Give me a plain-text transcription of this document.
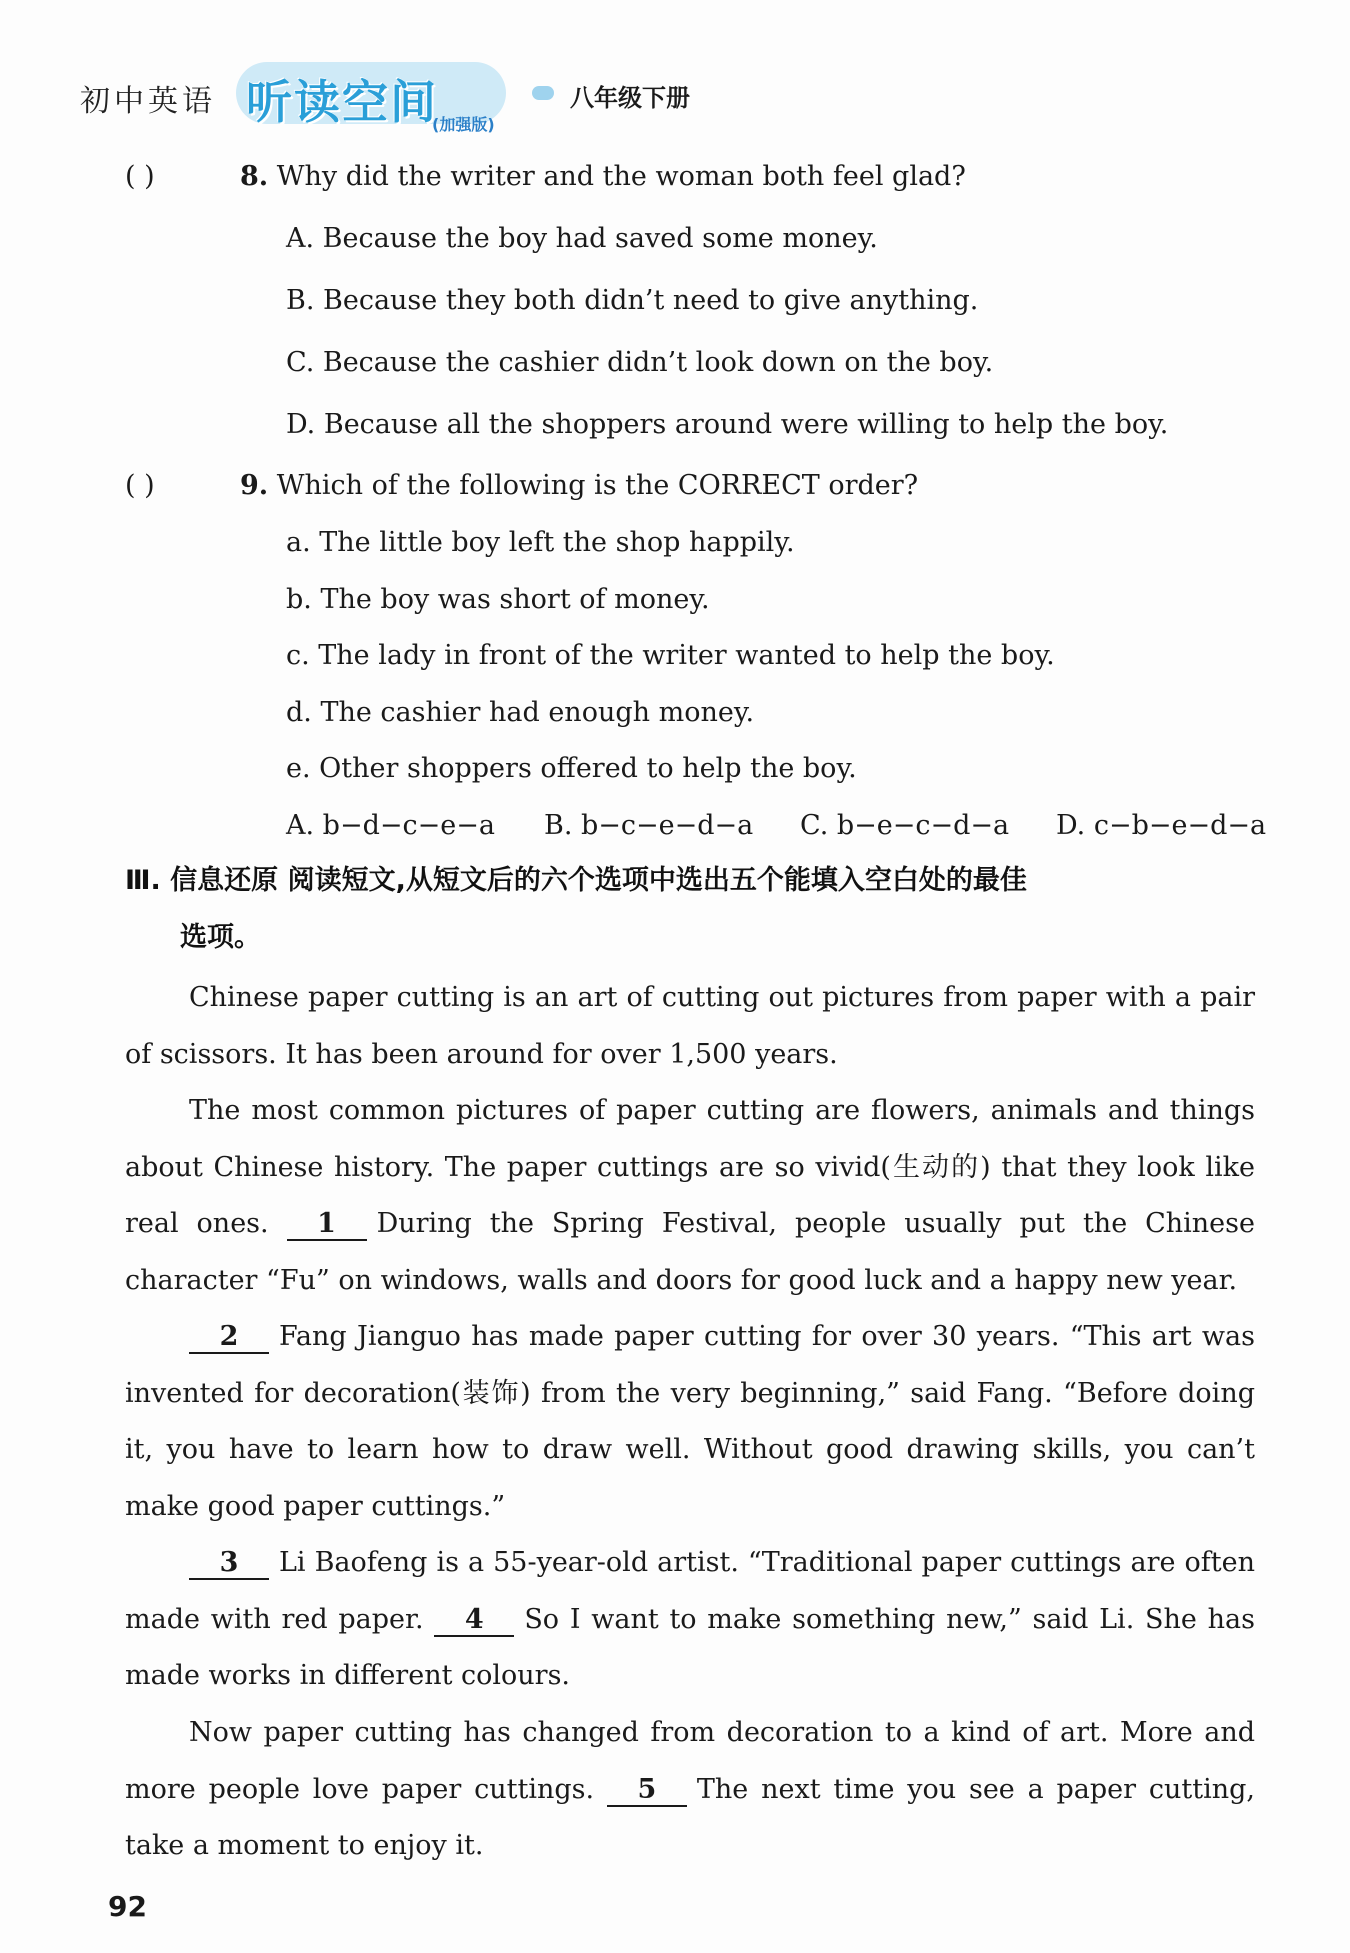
初中英语 听读空间
(加强版)
八年级下册
( )	8. Why did the writer and the woman both feel glad?
A. Because the boy had saved some money.
B. Because they both didn’t need to give anything.
C. Because the cashier didn’t look down on the boy.
D. Because all the shoppers around were willing to help the boy.
( )	9. Which of the following is the CORRECT order?
a. The little boy left the shop happily.
b. The boy was short of money.
c. The lady in front of the writer wanted to help the boy.
d. The cashier had enough money.
e. Other shoppers offered to help the boy.
A. b−d−c−e−a B. b−c−e−d−a C. b−e−c−d−a D. c−b−e−d−a
Ⅲ. 信息还原 阅读短文,从短文后的六个选项中选出五个能填入空白处的最佳
选项。
Chinese paper cutting is an art of cutting out pictures from paper with a pair of scissors. It has been around for over 1,500 years.
The most common pictures of paper cutting are flowers, animals and things about Chinese history. The paper cuttings are so vivid(生动的) that they look like real ones. 1 During the Spring Festival, people usually put the Chinese character “Fu” on windows, walls and doors for good luck and a happy new year.
2 Fang Jianguo has made paper cutting for over 30 years. “This art was invented for decoration(装饰) from the very beginning,” said Fang. “Before doing it, you have to learn how to draw well. Without good drawing skills, you can’t make good paper cuttings.”
3 Li Baofeng is a 55-year-old artist. “Traditional paper cuttings are often made with red paper. 4 So I want to make something new,” said Li. She has made works in different colours.
Now paper cutting has changed from decoration to a kind of art. More and more people love paper cuttings. 5 The next time you see a paper cutting, take a moment to enjoy it.
92
